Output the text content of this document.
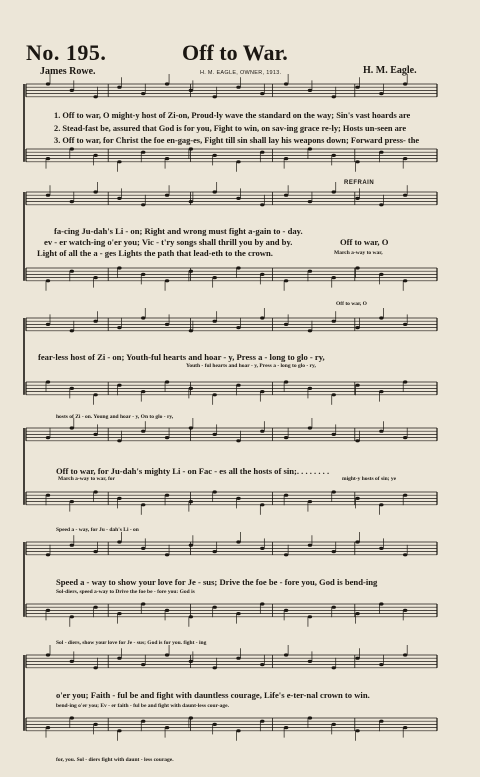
No. 195.	Off to War.
James Rowe.	H. M. EAGLE, OWNER, 1913.	H. M. Eagle.
1. Off to war, O might-y host of Zi-on, Proud-ly wave the standard on the way; Sin's vast hoards are
2. Stead-fast be, assured that God is for you, Fight to win, on sav-ing grace re-ly; Hosts un-seen are
3. Off to war, for Christ the foe en-gag-es, Fight till sin shall lay his weapons down; Forward press- the
REFRAIN
fa-cing Ju-dah's Li - on; Right and wrong must fight a-gain to - day.
ev - er watch-ing o'er you; Vic - t'ry songs shall thrill you by and by.
Light of all the a - ges Lights the path that lead-eth to the crown.
Off to war, O
March a-way to war,
Off to war, O
fear-less host of Zi - on; Youth-ful hearts and hoar - y, Press a - long to glo - ry,
Youth - ful hearts and hoar - y, Press a - long to glo - ry,
hosts of Zi - on. Young and hoar - y, On to glo - ry,
Off to war, for Ju-dah's mighty Li - on Fac - es all the hosts of sin;. . . . . . . .
March a-way to war, for	might-y hosts of sin; ye
Speed a - way, for Ju - dah's Li - on
Speed a - way to show your love for Je - sus; Drive the foe be - fore you, God is bend-ing
Sol-diers, speed a-way to Drive the foe be - fore you: God is
Sol - diers, show your love for Je - sus; God is for you. fight - ing
o'er you; Faith - ful be and fight with dauntless courage, Life's e-ter-nal crown to win.
bend-ing o'er you; Ev - er faith - ful be and fight with daunt-less cour-age.
for, you. Sol - diers fight with daunt - less courage.
